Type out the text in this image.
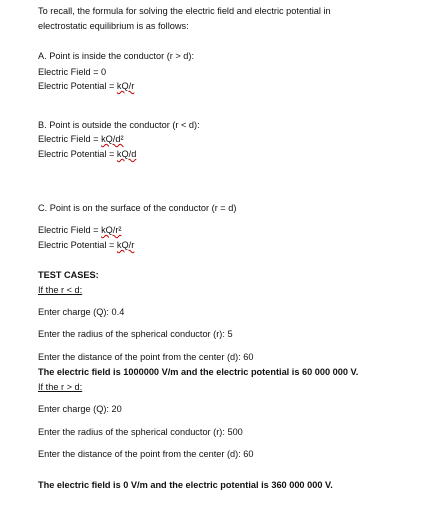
To recall, the formula for solving the electric field and electric potential in
electrostatic equilibrium is as follows:
A. Point is inside the conductor (r > d):
Electric Field = 0
Electric Potential = kQ/r
B. Point is outside the conductor (r < d):
Electric Field = kQ/d²
Electric Potential = kQ/d
C. Point is on the surface of the conductor (r = d)
Electric Field = kQ/r²
Electric Potential = kQ/r
TEST CASES:
If the r < d:
Enter charge (Q): 0.4
Enter the radius of the spherical conductor (r): 5
Enter the distance of the point from the center (d): 60
The electric field is 1000000 V/m and the electric potential is 60 000 000 V.
If the r > d:
Enter charge (Q): 20
Enter the radius of the spherical conductor (r): 500
Enter the distance of the point from the center (d): 60
The electric field is 0 V/m and the electric potential is 360 000 000 V.
